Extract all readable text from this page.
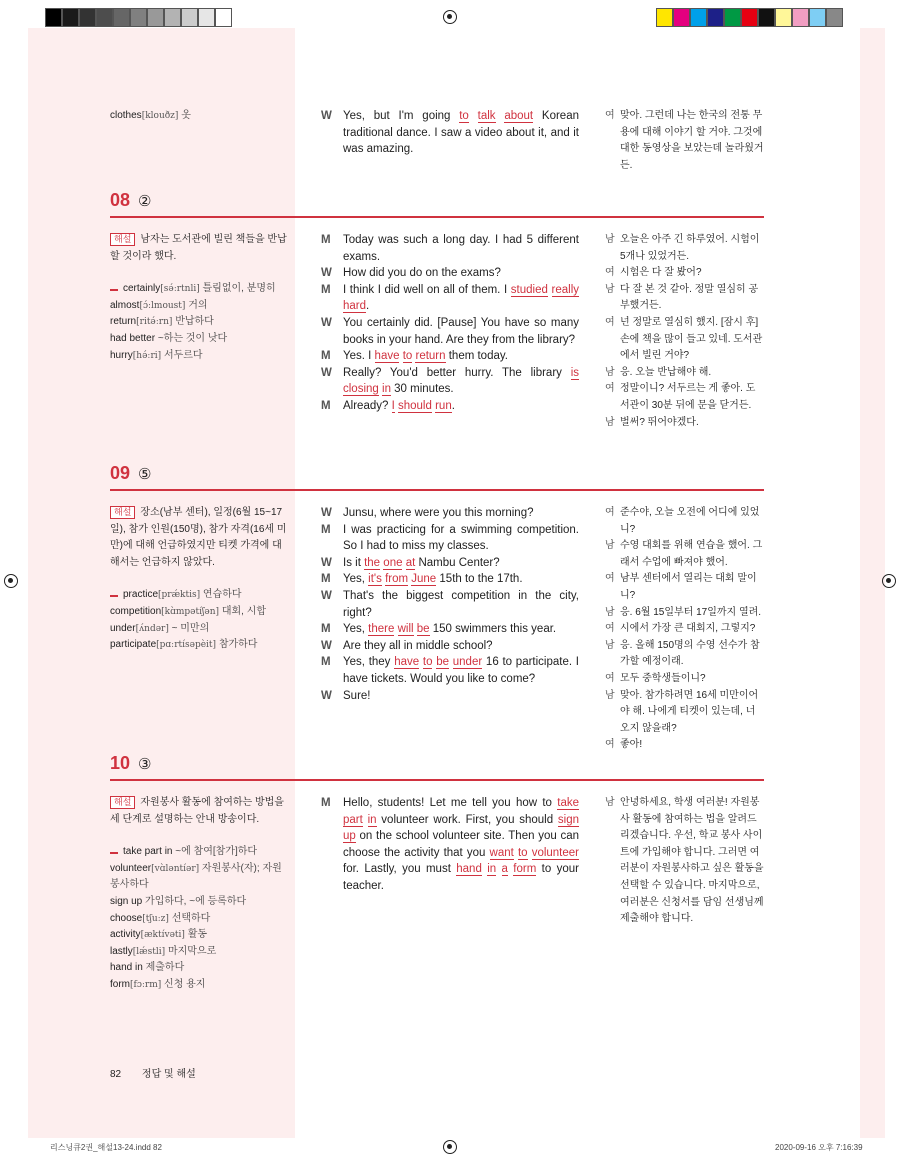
clothes[klouðz] 옷	W Yes, but I'm going to talk about Korean traditional dance. I saw a video about it, and it was amazing.
여 맞아. 그런데 나는 한국의 전통 무용에 대해 이야기 할 거야. 그것에 대한 동영상을 보았는데 놀라웠거든.
08 ②
해설 남자는 도서관에 빌린 책들을 반납할 것이라 했다.
certainly[sə́ːrtnli] 틀림없이, 분명히
almost[ɔ́ːlmoust] 거의
return[ritə́ːrn] 반납하다
had better ~하는 것이 낫다
hurry[hə́ːri] 서두르다
M	Today was such a long day. I had 5 different exams.
W How did you do on the exams?
M	I think I did well on all of them. I studied really hard.
W You certainly did. [Pause] You have so many books in your hand. Are they from the library?
M	Yes. I have to return them today.
W Really? You'd better hurry. The library is closing in 30 minutes.
M	Already? I should run.
남 오늘은 아주 긴 하루였어. 시험이 5개나 있었거든.
여 시험은 다 잘 봤어?
남 다 잘 본 것 같아. 정말 열심히 공부했거든.
여 넌 정말로 열심히 했지. [잠시 후] 손에 책을 많이 들고 있네. 도서관에서 빌린 거야?
남 응. 오늘 반납해야 해.
여 정말이니? 서두르는 게 좋아. 도서관이 30분 뒤에 문을 닫거든.
남 벌써? 뛰어야겠다.
09 ⑤
해설 장소(남부 센터), 일정(6월 15~17일), 참가 인원(150명), 참가 자격(16세 미만)에 대해 언급하였지만 티켓 가격에 대해서는 언급하지 않았다.
practice[prǽktis] 연습하다
competition[kɑ̀mpətíʃən] 대회, 시합
under[ʌ́ndər] ~ 미만의
participate[pɑːrtísəpèit] 참가하다
W Junsu, where were you this morning?
M	I was practicing for a swimming competition. So I had to miss my classes.
W Is it the one at Nambu Center?
M	Yes, it's from June 15th to the 17th.
W That's the biggest competition in the city, right?
M	Yes, there will be 150 swimmers this year.
W Are they all in middle school?
M	Yes, they have to be under 16 to participate. I have tickets. Would you like to come?
W Sure!
여 준수야, 오늘 오전에 어디에 있었니?
남 수영 대회를 위해 연습을 했어. 그래서 수업에 빠져야 했어.
여 남부 센터에서 열리는 대회 말이니?
남 응. 6월 15일부터 17일까지 열려.
여 시에서 가장 큰 대회지, 그렇지?
남 응. 올해 150명의 수영 선수가 참가할 예정이래.
여 모두 중학생들이니?
남 맞아. 참가하려면 16세 미만이어야 해. 나에게 티켓이 있는데, 너 오지 않을래?
여 좋아!
10 ③
해설 자원봉사 활동에 참여하는 방법을 세 단계로 설명하는 안내 방송이다.
take part in ~에 참여[참가]하다
volunteer[vɑ̀ləntíər] 자원봉사(자); 자원봉사하다
sign up 가입하다, ~에 등록하다
choose[tʃuːz] 선택하다
activity[æktívəti] 활동
lastly[lǽstli] 마지막으로
hand in 제출하다
form[fɔːrm] 신청 용지
M	Hello, students! Let me tell you how to take part in volunteer work. First, you should sign up on the school volunteer site. Then you can choose the activity that you want to volunteer for. Lastly, you must hand in a form to your teacher.
남 안녕하세요, 학생 여러분! 자원봉사 활동에 참여하는 법을 알려드리겠습니다. 우선, 학교 봉사 사이트에 가입해야 합니다. 그러면 여러분이 자원봉사하고 싶은 활동을 선택할 수 있습니다. 마지막으로, 여러분은 신청서를 담임 선생님께 제출해야 합니다.
82 정답 및 해설
리스닝큐2권_해설13-24.indd 82	2020-09-16 오후 7:16:39
